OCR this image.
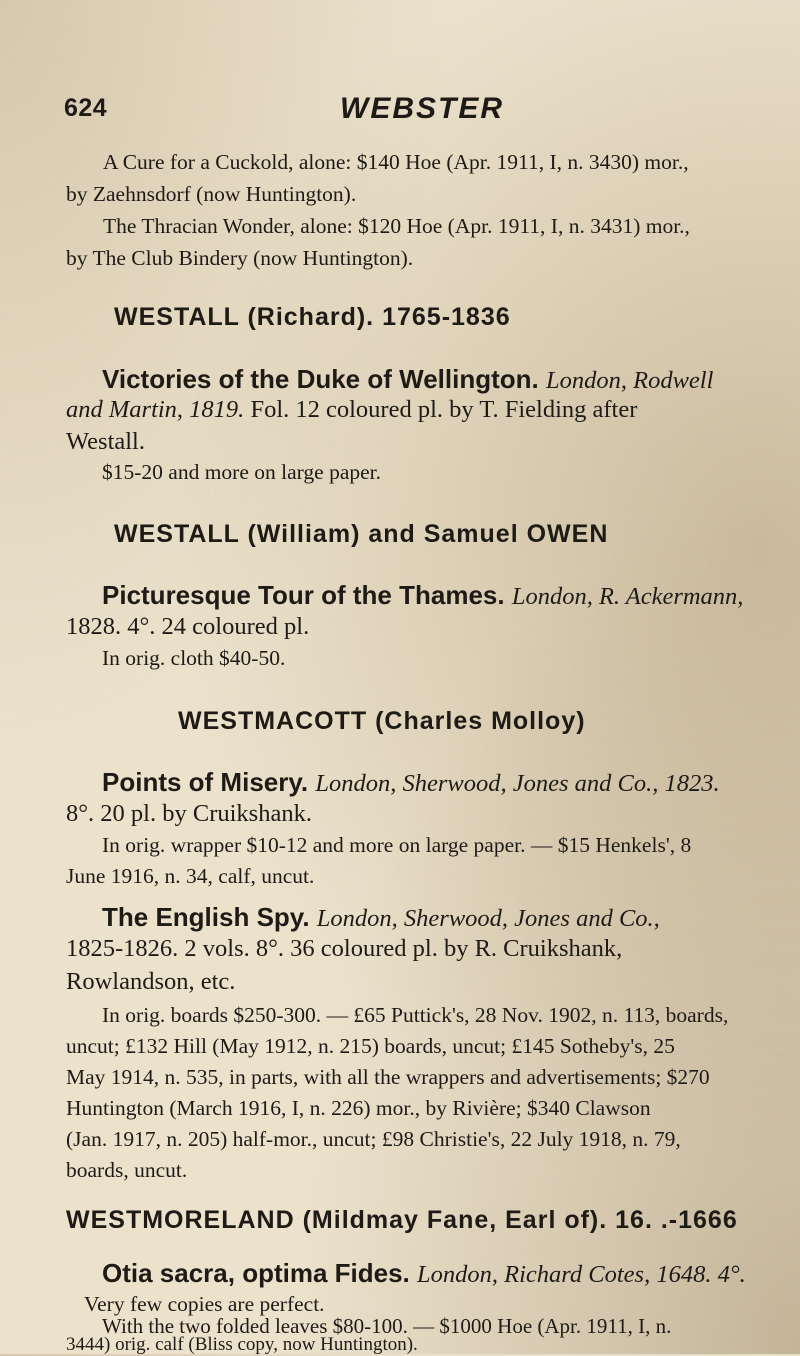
624	WEBSTER
A Cure for a Cuckold, alone: $140 Hoe (Apr. 1911, I, n. 3430) mor.,
by Zaehnsdorf (now Huntington).
The Thracian Wonder, alone: $120 Hoe (Apr. 1911, I, n. 3431) mor.,
by The Club Bindery (now Huntington).
WESTALL (Richard). 1765-1836
Victories of the Duke of Wellington. London, Rodwell
and Martin, 1819. Fol. 12 coloured pl. by T. Fielding after
Westall.
$15-20 and more on large paper.
WESTALL (William) and Samuel OWEN
Picturesque Tour of the Thames. London, R. Ackermann,
1828. 4°. 24 coloured pl.
In orig. cloth $40-50.
WESTMACOTT (Charles Molloy)
Points of Misery. London, Sherwood, Jones and Co., 1823.
8°. 20 pl. by Cruikshank.
In orig. wrapper $10-12 and more on large paper. — $15 Henkels', 8
June 1916, n. 34, calf, uncut.
The English Spy. London, Sherwood, Jones and Co.,
1825-1826. 2 vols. 8°. 36 coloured pl. by R. Cruikshank,
Rowlandson, etc.
In orig. boards $250-300. — £65 Puttick's, 28 Nov. 1902, n. 113, boards,
uncut; £132 Hill (May 1912, n. 215) boards, uncut; £145 Sotheby's, 25
May 1914, n. 535, in parts, with all the wrappers and advertisements; $270
Huntington (March 1916, I, n. 226) mor., by Rivière; $340 Clawson
(Jan. 1917, n. 205) half-mor., uncut; £98 Christie's, 22 July 1918, n. 79,
boards, uncut.
WESTMORELAND (Mildmay Fane, Earl of). 16. .-1666
Otia sacra, optima Fides. London, Richard Cotes, 1648. 4°.
Very few copies are perfect.
With the two folded leaves $80-100. — $1000 Hoe (Apr. 1911, I, n.
3444) orig. calf (Bliss copy, now Huntington).
